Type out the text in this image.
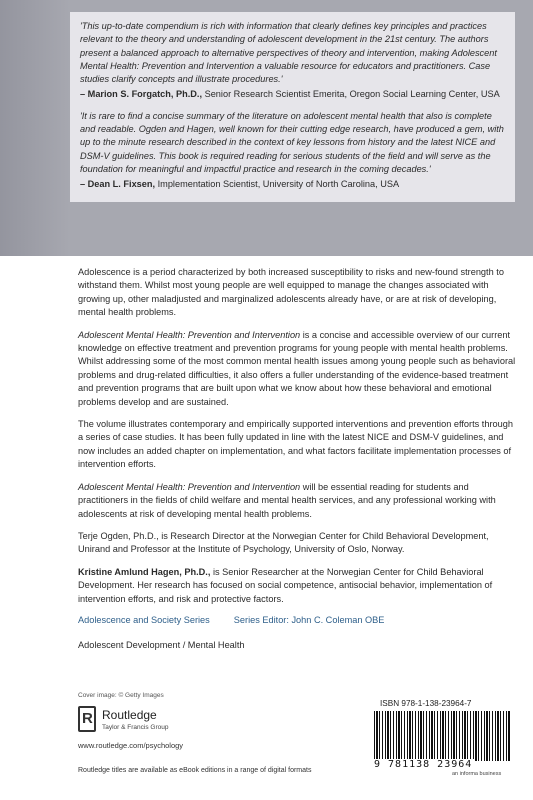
'This up-to-date compendium is rich with information that clearly defines key principles and practices relevant to the theory and understanding of adolescent development in the 21st century. The authors present a balanced approach to alternative perspectives of theory and intervention, making Adolescent Mental Health: Prevention and Intervention a valuable resource for educators and practitioners. Case studies clarify concepts and illustrate procedures.'

– Marion S. Forgatch, Ph.D., Senior Research Scientist Emerita, Oregon Social Learning Center, USA

'It is rare to find a concise summary of the literature on adolescent mental health that also is complete and readable. Ogden and Hagen, well known for their cutting edge research, have produced a gem, with up to the minute research described in the context of key lessons from history and the latest NICE and DSM-V guidelines. This book is required reading for serious students of the field and will serve as the foundation for meaningful and impactful practice and research in the coming decades.'

– Dean L. Fixsen, Implementation Scientist, University of North Carolina, USA

Adolescence is a period characterized by both increased susceptibility to risks and new-found strength to withstand them. Whilst most young people are well equipped to manage the changes associated with growing up, other maladjusted and marginalized adolescents already have, or are at risk of developing, mental health problems.

Adolescent Mental Health: Prevention and Intervention is a concise and accessible overview of our current knowledge on effective treatment and prevention programs for young people with mental health problems. Whilst addressing some of the most common mental health issues among young people such as behavioral problems and drug-related difficulties, it also offers a fuller understanding of the evidence-based treatment and prevention programs that are built upon what we know about how these behavioral and emotional problems develop and are sustained.

The volume illustrates contemporary and empirically supported interventions and prevention efforts through a series of case studies. It has been fully updated in line with the latest NICE and DSM-V guidelines, and now includes an added chapter on implementation, and what factors facilitate implementation processes of intervention efforts.

Adolescent Mental Health: Prevention and Intervention will be essential reading for students and practitioners in the fields of child welfare and mental health services, and any professional working with adolescents at risk of developing mental health problems.

Terje Ogden, Ph.D., is Research Director at the Norwegian Center for Child Behavioral Development, Unirand and Professor at the Institute of Psychology, University of Oslo, Norway.

Kristine Amlund Hagen, Ph.D., is Senior Researcher at the Norwegian Center for Child Behavioral Development. Her research has focused on social competence, antisocial behavior, implementation of intervention efforts, and risk and protective factors.

Adolescence and Society Series	Series Editor: John C. Coleman OBE

Adolescent Development / Mental Health

Cover image: © Getty Images
R
Routledge
Taylor & Francis Group
www.routledge.com/psychology
Routledge titles are available as eBook editions in a range of digital formats
ISBN 978-1-138-23964-7
9 781138 23964
an informa business
